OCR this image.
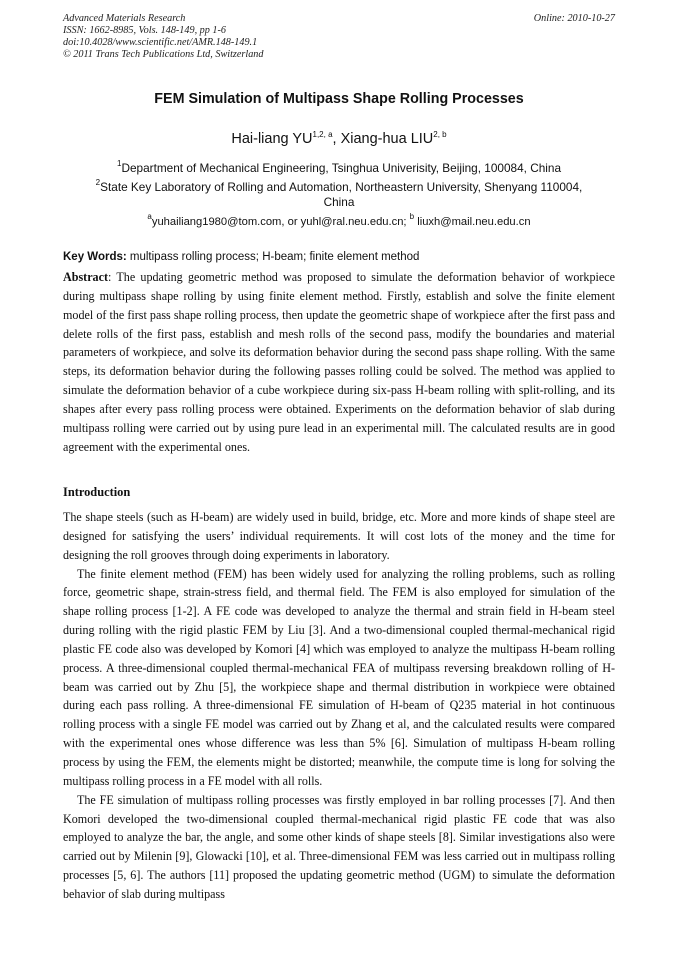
Advanced Materials Research
ISSN: 1662-8985, Vols. 148-149, pp 1-6
doi:10.4028/www.scientific.net/AMR.148-149.1
© 2011 Trans Tech Publications Ltd, Switzerland
Online: 2010-10-27
FEM Simulation of Multipass Shape Rolling Processes
Hai-liang YU$^{1,2, a}$, Xiang-hua LIU$^{2, b}$
$^1$Department of Mechanical Engineering, Tsinghua Univerisity, Beijing, 100084, China
$^2$State Key Laboratory of Rolling and Automation, Northeastern University, Shenyang 110004,
China
$^a$yuhailiang1980@tom.com, or yuhl@ral.neu.edu.cn; $^b$ liuxh@mail.neu.edu.cn
Key Words: multipass rolling process; H-beam; finite element method

Abstract: The updating geometric method was proposed to simulate the deformation behavior of workpiece during multipass shape rolling by using finite element method. Firstly, establish and solve the finite element model of the first pass shape rolling process, then update the geometric shape of workpiece after the first pass and delete rolls of the first pass, establish and mesh rolls of the second pass, modify the boundaries and material parameters of workpiece, and solve its deformation behavior during the second pass shape rolling. With the same steps, its deformation behavior during the following passes rolling could be solved. The method was applied to simulate the deformation behavior of a cube workpiece during six-pass H-beam rolling with split-rolling, and its shapes after every pass rolling process were obtained. Experiments on the deformation behavior of slab during multipass rolling were carried out by using pure lead in an experimental mill. The calculated results are in good agreement with the experimental ones.

Introduction

The shape steels (such as H-beam) are widely used in build, bridge, etc. More and more kinds of shape steel are designed for satisfying the users’ individual requirements. It will cost lots of the money and the time for designing the roll grooves through doing experiments in laboratory.

The finite element method (FEM) has been widely used for analyzing the rolling problems, such as rolling force, geometric shape, strain-stress field, and thermal field. The FEM is also employed for simulation of the shape rolling process [1-2]. A FE code was developed to analyze the thermal and strain field in H-beam steel during rolling with the rigid plastic FEM by Liu [3]. And a two-dimensional coupled thermal-mechanical rigid plastic FE code also was developed by Komori [4] which was employed to analyze the multipass H-beam rolling process. A three-dimensional coupled thermal-mechanical FEA of multipass reversing breakdown rolling of H-beam was carried out by Zhu [5], the workpiece shape and thermal distribution in workpiece were obtained during each pass rolling. A three-dimensional FE simulation of H-beam of Q235 material in hot continuous rolling process with a single FE model was carried out by Zhang et al, and the calculated results were compared with the experimental ones whose difference was less than 5% [6]. Simulation of multipass H-beam rolling process by using the FEM, the elements might be distorted; meanwhile, the compute time is long for solving the multipass rolling process in a FE model with all rolls.

The FE simulation of multipass rolling processes was firstly employed in bar rolling processes [7]. And then Komori developed the two-dimensional coupled thermal-mechanical rigid plastic FE code that was also employed to analyze the bar, the angle, and some other kinds of shape steels [8]. Similar investigations also were carried out by Milenin [9], Glowacki [10], et al. Three-dimensional FEM was less carried out in multipass rolling processes [5, 6]. The authors [11] proposed the updating geometric method (UGM) to simulate the deformation behavior of slab during multipass
